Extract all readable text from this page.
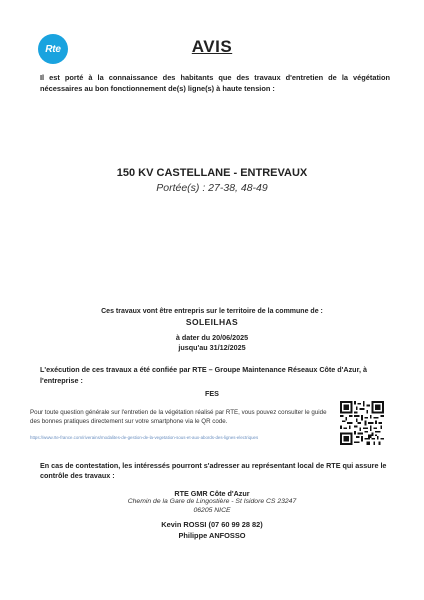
Rte	AVIS
Il est porté à la connaissance des habitants que des travaux d'entretien de la végétation nécessaires au bon fonctionnement de(s) ligne(s) à haute tension :
150 KV CASTELLANE - ENTREVAUX
Portée(s) : 27-38, 48-49
Ces travaux vont être entrepris sur le territoire de la commune de :
SOLEILHAS
à dater du 20/06/2025
jusqu'au 31/12/2025
L'exécution de ces travaux a été confiée par RTE – Groupe Maintenance Réseaux Côte d'Azur, à l'entreprise :
FES
Pour toute question générale sur l'entretien de la végétation réalisé par RTE, vous pouvez consulter le guide des bonnes pratiques directement sur votre smartphone via le QR code.
https://www.rte-france.com/riverains/modalites-de-gestion-de-la-vegetation-sous-et-aux-abords-des-lignes-electriques
En cas de contestation, les intéressés pourront s'adresser au représentant local de RTE qui assure le contrôle des travaux :
RTE GMR Côte d'Azur
Chemin de la Gare de Lingostière - St Isidore CS 23247
06205 NICE
Kevin ROSSI (07 60 99 28 82)
Philippe ANFOSSO
